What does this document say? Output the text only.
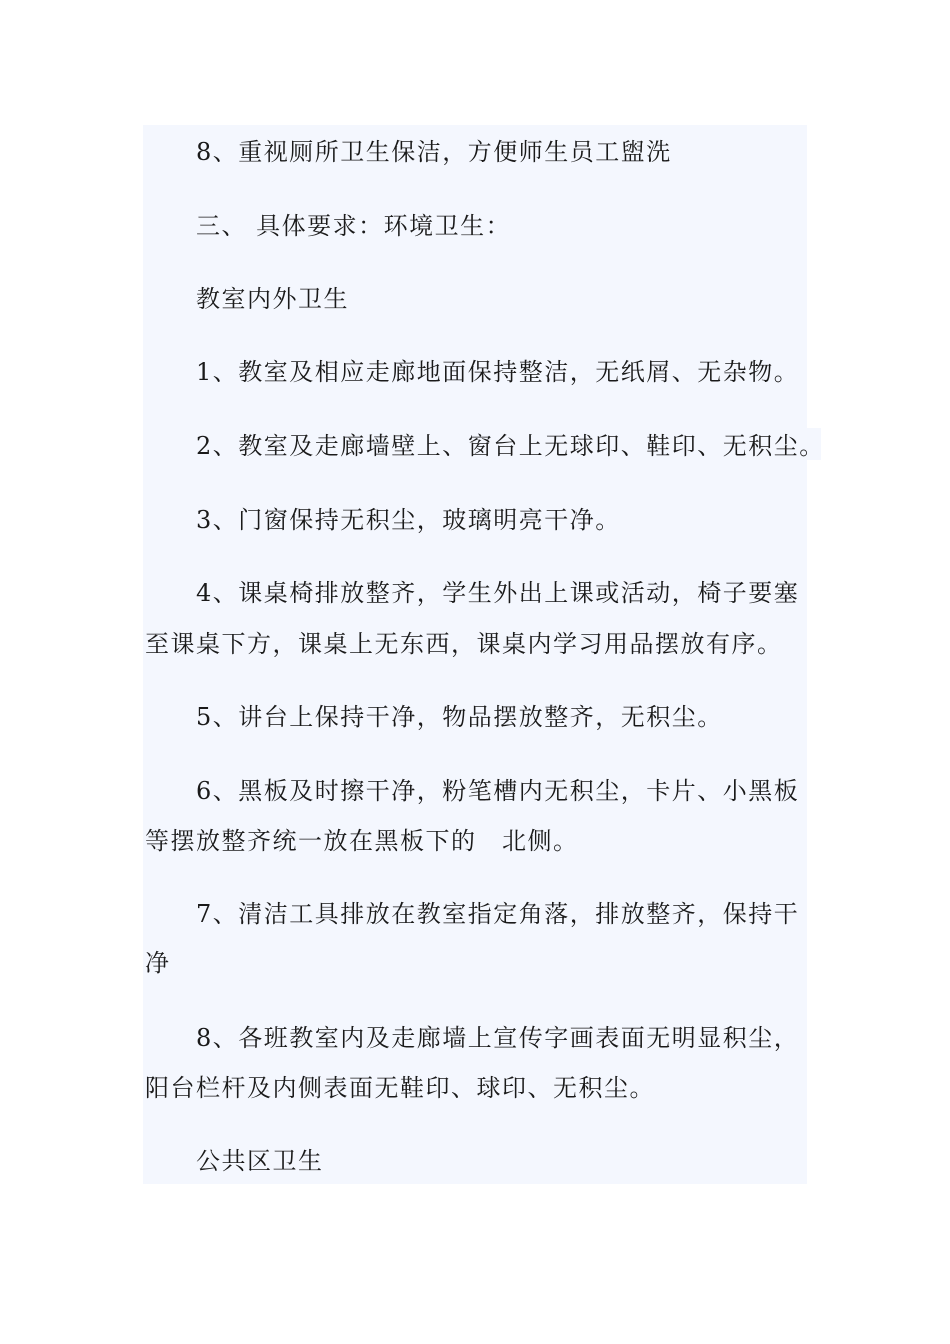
8、重视厕所卫生保洁，方便师生员工盥洗
三、 具体要求：环境卫生：
教室内外卫生
1、教室及相应走廊地面保持整洁，无纸屑、无杂物。
2、教室及走廊墙壁上、窗台上无球印、鞋印、无积尘。
3、门窗保持无积尘，玻璃明亮干净。
4、课桌椅排放整齐，学生外出上课或活动，椅子要塞
至课桌下方，课桌上无东西，课桌内学习用品摆放有序。
5、讲台上保持干净，物品摆放整齐，无积尘。
6、黑板及时擦干净，粉笔槽内无积尘，卡片、小黑板
等摆放整齐统一放在黑板下的　北侧。
7、清洁工具排放在教室指定角落，排放整齐，保持干
净
8、各班教室内及走廊墙上宣传字画表面无明显积尘，
阳台栏杆及内侧表面无鞋印、球印、无积尘。
公共区卫生
